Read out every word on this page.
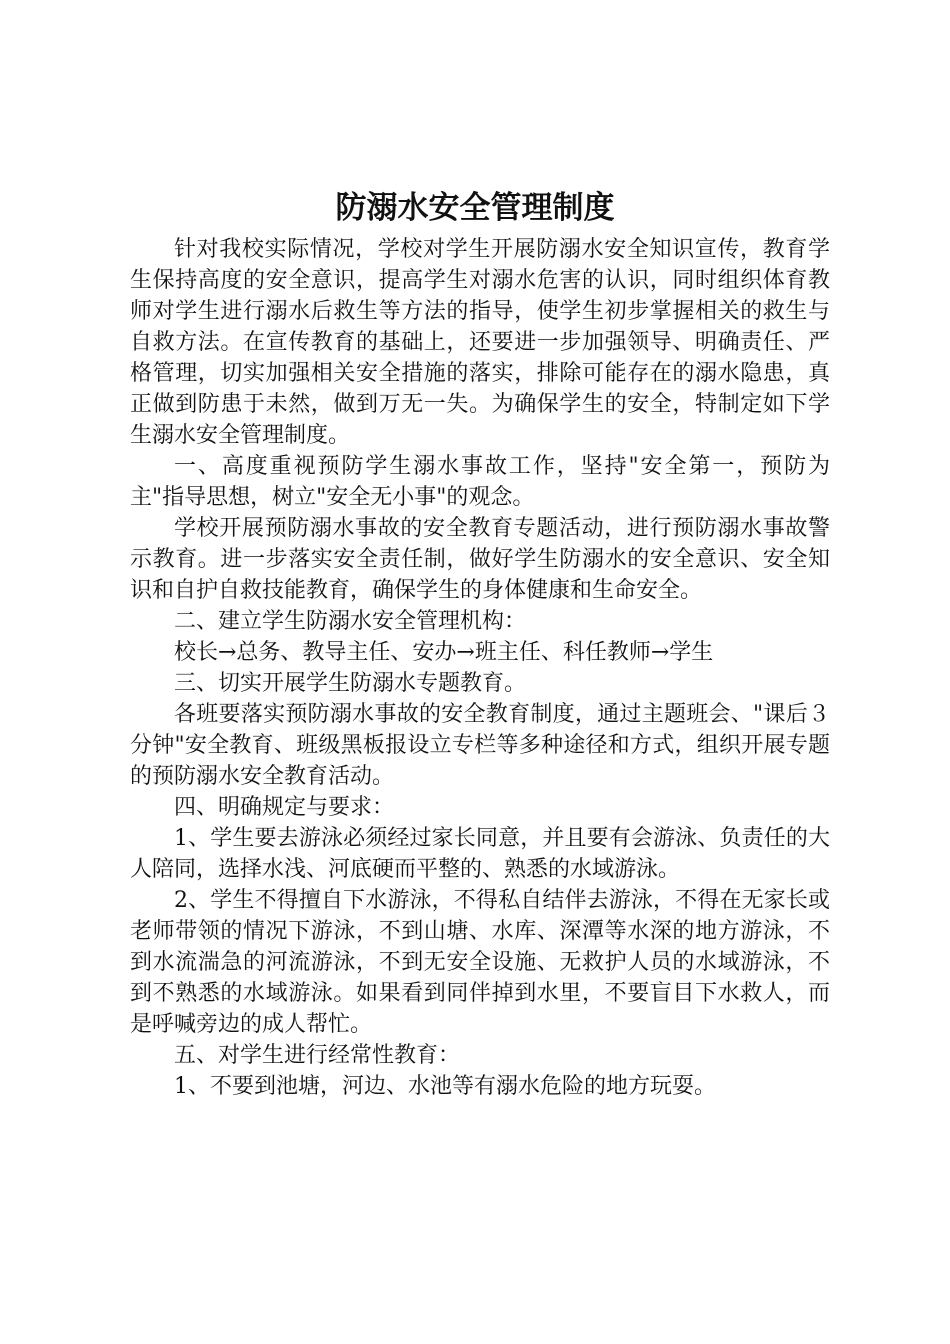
防溺水安全管理制度

针对我校实际情况，学校对学生开展防溺水安全知识宣传，教育学生保持高度的安全意识，提高学生对溺水危害的认识，同时组织体育教师对学生进行溺水后救生等方法的指导，使学生初步掌握相关的救生与自救方法。在宣传教育的基础上，还要进一步加强领导、明确责任、严格管理，切实加强相关安全措施的落实，排除可能存在的溺水隐患，真正做到防患于未然，做到万无一失。为确保学生的安全，特制定如下学生溺水安全管理制度。

一、高度重视预防学生溺水事故工作，坚持"安全第一，预防为主"指导思想，树立"安全无小事"的观念。

学校开展预防溺水事故的安全教育专题活动，进行预防溺水事故警示教育。进一步落实安全责任制，做好学生防溺水的安全意识、安全知识和自护自救技能教育，确保学生的身体健康和生命安全。

二、建立学生防溺水安全管理机构：

校长→总务、教导主任、安办→班主任、科任教师→学生

三、切实开展学生防溺水专题教育。

各班要落实预防溺水事故的安全教育制度，通过主题班会、"课后３分钟"安全教育、班级黑板报设立专栏等多种途径和方式，组织开展专题的预防溺水安全教育活动。

四、明确规定与要求：

1、学生要去游泳必须经过家长同意，并且要有会游泳、负责任的大人陪同，选择水浅、河底硬而平整的、熟悉的水域游泳。

2、学生不得擅自下水游泳，不得私自结伴去游泳，不得在无家长或老师带领的情况下游泳，不到山塘、水库、深潭等水深的地方游泳，不到水流湍急的河流游泳，不到无安全设施、无救护人员的水域游泳，不到不熟悉的水域游泳。如果看到同伴掉到水里，不要盲目下水救人，而是呼喊旁边的成人帮忙。

五、对学生进行经常性教育：

1、不要到池塘，河边、水池等有溺水危险的地方玩耍。
